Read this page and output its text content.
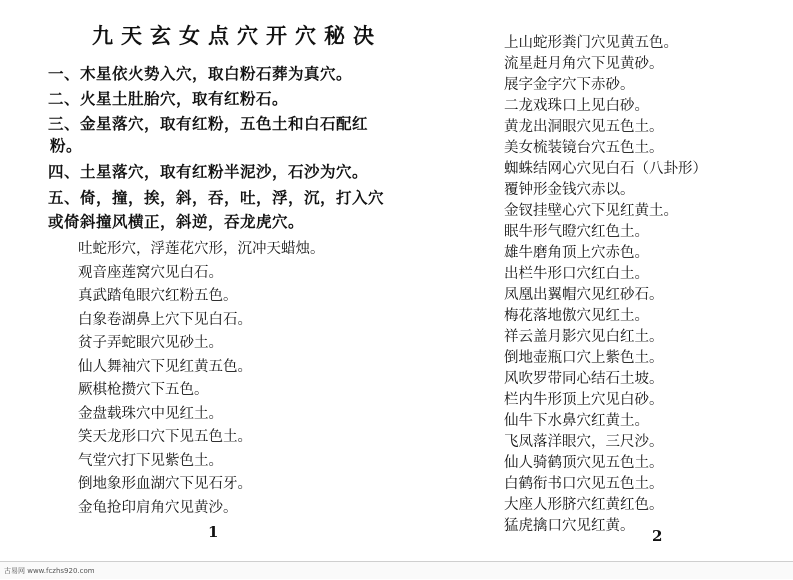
九天玄女点穴开穴秘决
一、木星依火势入穴，取白粉石葬为真穴。
二、火星土肚胎穴，取有红粉石。
三、金星落穴，取有红粉，五色土和白石配红
粉。
四、土星落穴，取有红粉半泥沙，石沙为穴。
五、倚，撞，挨，斜，吞，吐，浮，沉，打入穴
或倚斜撞风横正，斜逆，吞龙虎穴。
吐蛇形穴，浮莲花穴形，沉冲天蜡烛。
观音座莲窝穴见白石。
真武踏龟眼穴红粉五色。
白象卷湖鼻上穴下见白石。
贫子弄蛇眼穴见砂土。
仙人舞袖穴下见红黄五色。
厥棋枪攒穴下五色。
金盘载珠穴中见红土。
笑天龙形口穴下见五色土。
气堂穴打下见紫色土。
倒地象形血湖穴下见石牙。
金龟抢印肩角穴见黄沙。
1
上山蛇形粪门穴见黄五色。
流星赶月角穴下见黄砂。
展字金字穴下赤砂。
二龙戏珠口上见白砂。
黄龙出洞眼穴见五色土。
美女梳装镜台穴五色土。
蜘蛛结网心穴见白石（八卦形）
覆钟形金钱穴赤以。
金钗挂壁心穴下见红黄土。
眠牛形气瞪穴红色土。
雄牛磨角顶上穴赤色。
出栏牛形口穴红白土。
凤凰出翼帽穴见红砂石。
梅花落地傲穴见红土。
祥云盖月影穴见白红土。
倒地壶瓶口穴上紫色土。
风吹罗带同心结石土坡。
栏内牛形顶上穴见白砂。
仙牛下水鼻穴红黄土。
飞凤落洋眼穴，三尺沙。
仙人骑鹤顶穴见五色土。
白鹤衔书口穴见五色土。
大座人形脐穴红黄红色。
猛虎擒口穴见红黄。
2
古易网 www.fczhs920.com
